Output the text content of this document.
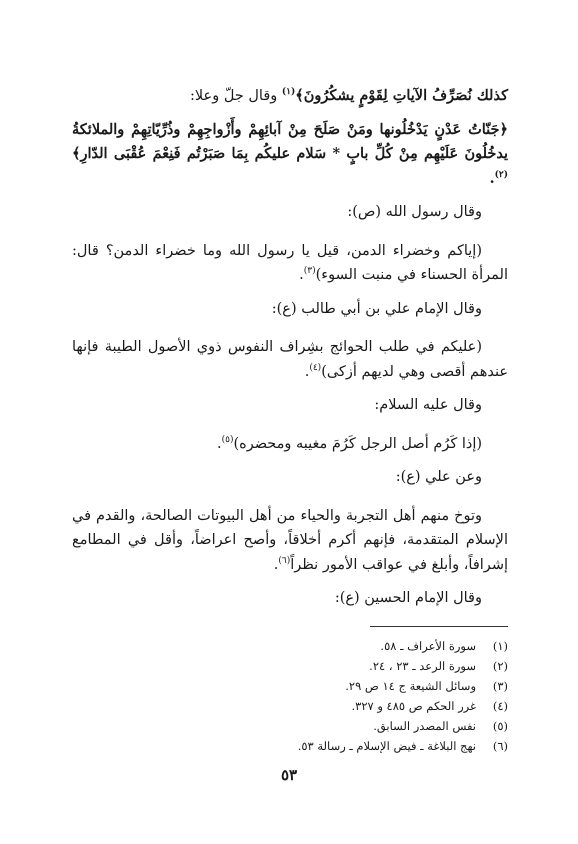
كذلك نُصَرِّفُ الآياتِ لِقَوْمٍ يشكُرُونَ﴾$^{(١)}$ وقال جلّ وعلا:

﴿جَنّاتُ عَدْنٍ يَدْخُلُونها ومَنْ صَلَحَ مِنْ آبائِهِمْ وأَزْواجِهِمْ وذُرِّيّاتِهِمْ والملائكةُ يدخُلُونَ عَلَيْهِم مِنْ كُلِّ بابٍ * سَلام عليكُم بِمَا صَبَرْتُم فَنِعْمَ عُقْبَى الدّارِ﴾$^{(٢)}$.

وقال رسول الله (ص):

(إياكم وخضراء الدمن، قيل يا رسول الله وما خضراء الدمن؟ قال: المرأة الحسناء في منبت السوء)$^{(٣)}$.

وقال الإمام علي بن أبي طالب (ع):

(عليكم في طلب الحوائج بشِراف النفوس ذوي الأصول الطيبة فإنها عندهم أقصى وهي لديهم أزكى)$^{(٤)}$.

وقال عليه السلام:

(إذا كَرُم أصل الرجل كَرُمَ مغيبه ومحضره)$^{(٥)}$.

وعن علي (ع):

وتوخ منهم أهل التجربة والحياء من أهل البيوتات الصالحة، والقدم في الإسلام المتقدمة، فإنهم أكرم أخلاقاً، وأصح اعراضاً، وأقل في المطامع إشرافاً، وأبلغ في عواقب الأمور نظراً$^{(٦)}$.

وقال الإمام الحسين (ع):

(١)
سورة الأعراف ـ ٥٨.
(٢)
سورة الرعد ـ ٢٣ ، ٢٤.
(٣)
وسائل الشيعة ج ١٤ ص ٢٩.
(٤)
غرر الحكم ص ٤٨٥ و ٣٢٧.
(٥)
نفس المصدر السابق.
(٦)
نهج البلاغة ـ فيض الإسلام ـ رسالة ٥٣.
٥٣
